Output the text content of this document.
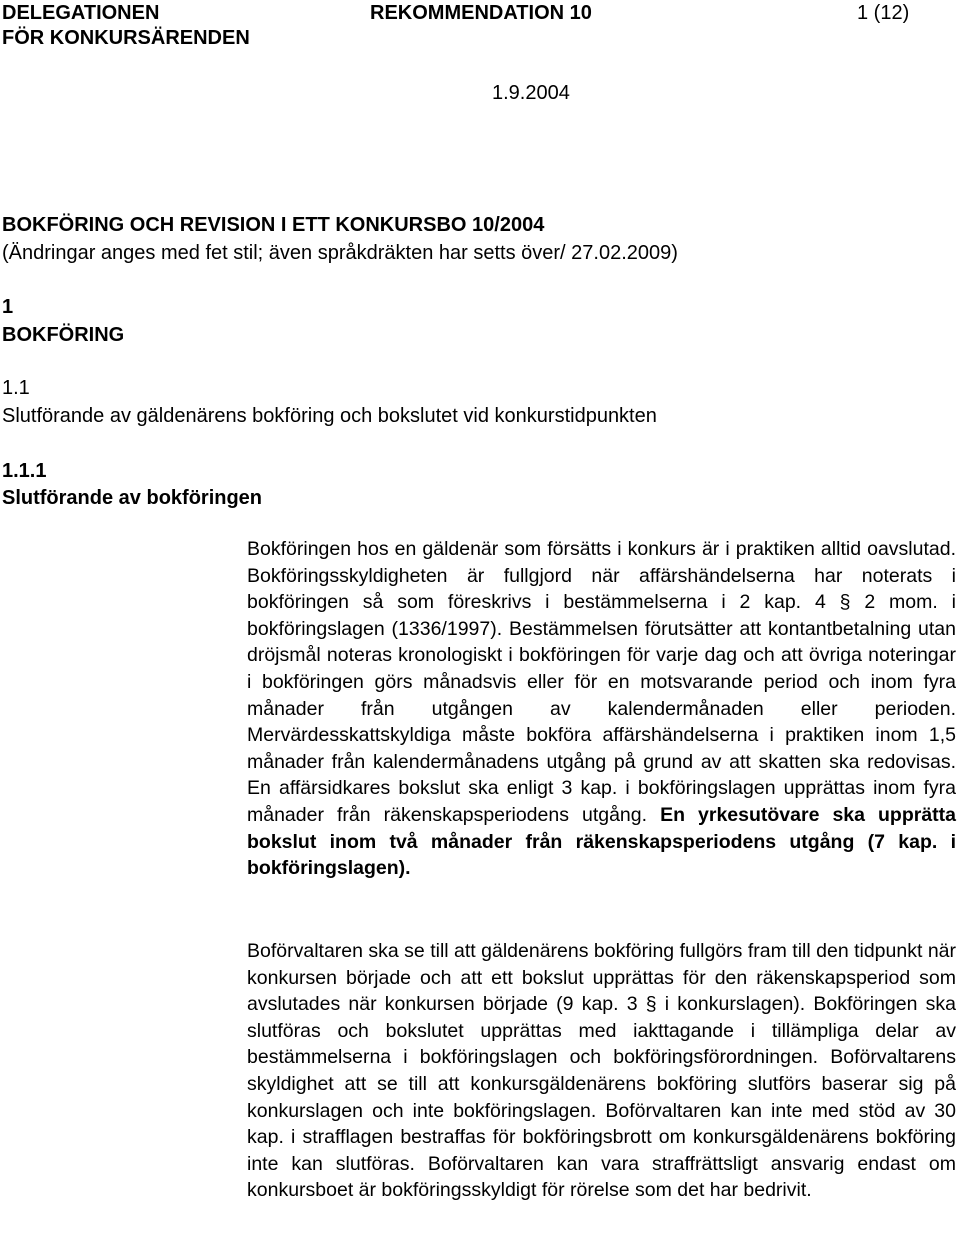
DELEGATIONEN
FÖR KONKURSÄRENDEN
REKOMMENDATION 10	1 (12)
1.9.2004
BOKFÖRING OCH REVISION I ETT KONKURSBO 10/2004
(Ändringar anges med fet stil; även språkdräkten har setts över/ 27.02.2009)
1
BOKFÖRING
1.1
Slutförande av gäldenärens bokföring och bokslutet vid konkurstidpunkten
1.1.1
Slutförande av bokföringen
Bokföringen hos en gäldenär som försätts i konkurs är i praktiken alltid oavslutad. Bokföringsskyldigheten är fullgjord när affärshändelserna har noterats i bokföringen så som föreskrivs i bestämmelserna i 2 kap. 4 § 2 mom. i bokföringslagen (1336/1997). Bestämmelsen förutsätter att kontantbetalning utan dröjsmål noteras kronologiskt i bokföringen för varje dag och att övriga noteringar i bokföringen görs månadsvis eller för en motsvarande period och inom fyra månader från utgången av kalendermånaden eller perioden. Mervärdesskattskyldiga måste bokföra affärshändelserna i praktiken inom 1,5 månader från kalendermånadens utgång på grund av att skatten ska redovisas. En affärsidkares bokslut ska enligt 3 kap. i bokföringslagen upprättas inom fyra månader från räkenskapsperiodens utgång. En yrkesutövare ska upprätta bokslut inom två månader från räkenskapsperiodens utgång (7 kap. i bokföringslagen).
Boförvaltaren ska se till att gäldenärens bokföring fullgörs fram till den tidpunkt när konkursen började och att ett bokslut upprättas för den räkenskapsperiod som avslutades när konkursen började (9 kap. 3 § i konkurslagen). Bokföringen ska slutföras och bokslutet upprättas med iakttagande i tillämpliga delar av bestämmelserna i bokföringslagen och bokföringsförordningen. Boförvaltarens skyldighet att se till att konkursgäldenärens bokföring slutförs baserar sig på konkurslagen och inte bokföringslagen. Boförvaltaren kan inte med stöd av 30 kap. i strafflagen bestraffas för bokföringsbrott om konkursgäldenärens bokföring inte kan slutföras. Boförvaltaren kan vara straffrättsligt ansvarig endast om konkursboet är bokföringsskyldigt för rörelse som det har bedrivit.
